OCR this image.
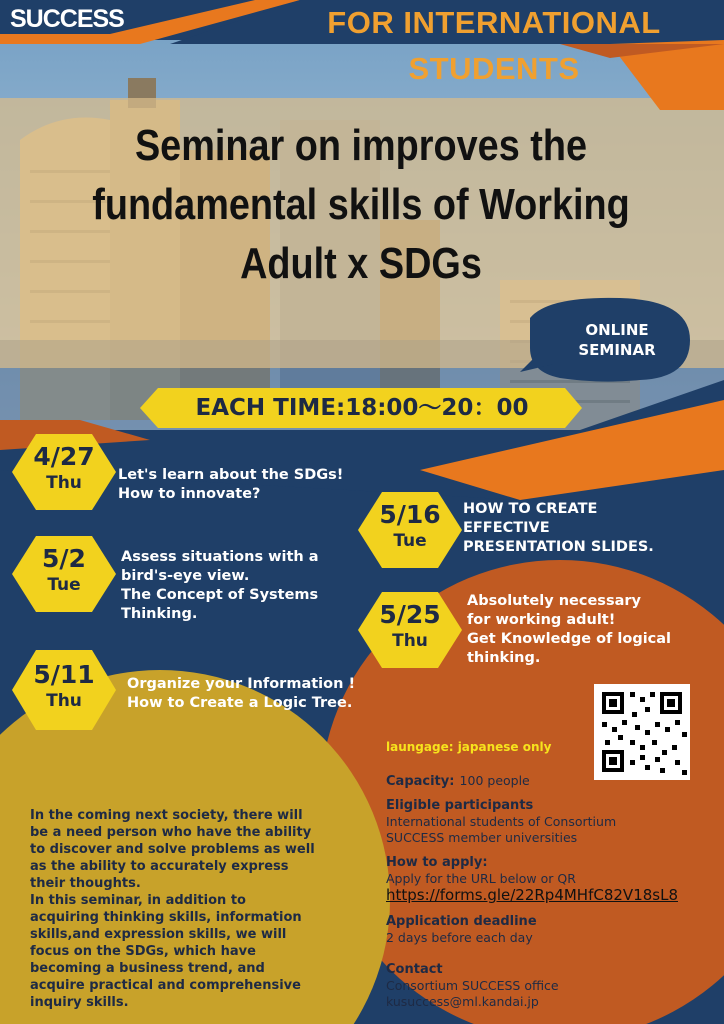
SUCCESS	FOR INTERNATIONAL STUDENTS
Seminar on improves the
fundamental skills of Working
Adult x SDGs
ONLINE
SEMINAR
EACH TIME:18:00～20：00
4/27
Thu	Let's learn about the SDGs!
How to innovate?
5/2
Tue
Assess situations with a
bird's-eye view.
The Concept of Systems
Thinking.
5/11
Thu
Organize your Information !
How to Create a Logic Tree.
5/16
Tue
HOW TO CREATE
EFFECTIVE
PRESENTATION SLIDES.
5/25
Thu
Absolutely necessary
for working adult!
Get Knowledge of logical
thinking.
laungage: japanese only
Capacity: 100 people
Eligible participants
International students of Consortium
SUCCESS member universities
How to apply:
Apply for the URL below or QR
https://forms.gle/22Rp4MHfC82V18sL8
Application deadline
2 days before each day
Contact
Consortium SUCCESS office
kusuccess@ml.kandai.jp
In the coming next society, there will
be a need person who have the ability
to discover and solve problems as well
as the ability to accurately express
their thoughts.
In this seminar, in addition to
acquiring thinking skills, information
skills,and expression skills, we will
focus on the SDGs, which have
becoming a business trend, and
acquire practical and comprehensive
inquiry skills.
